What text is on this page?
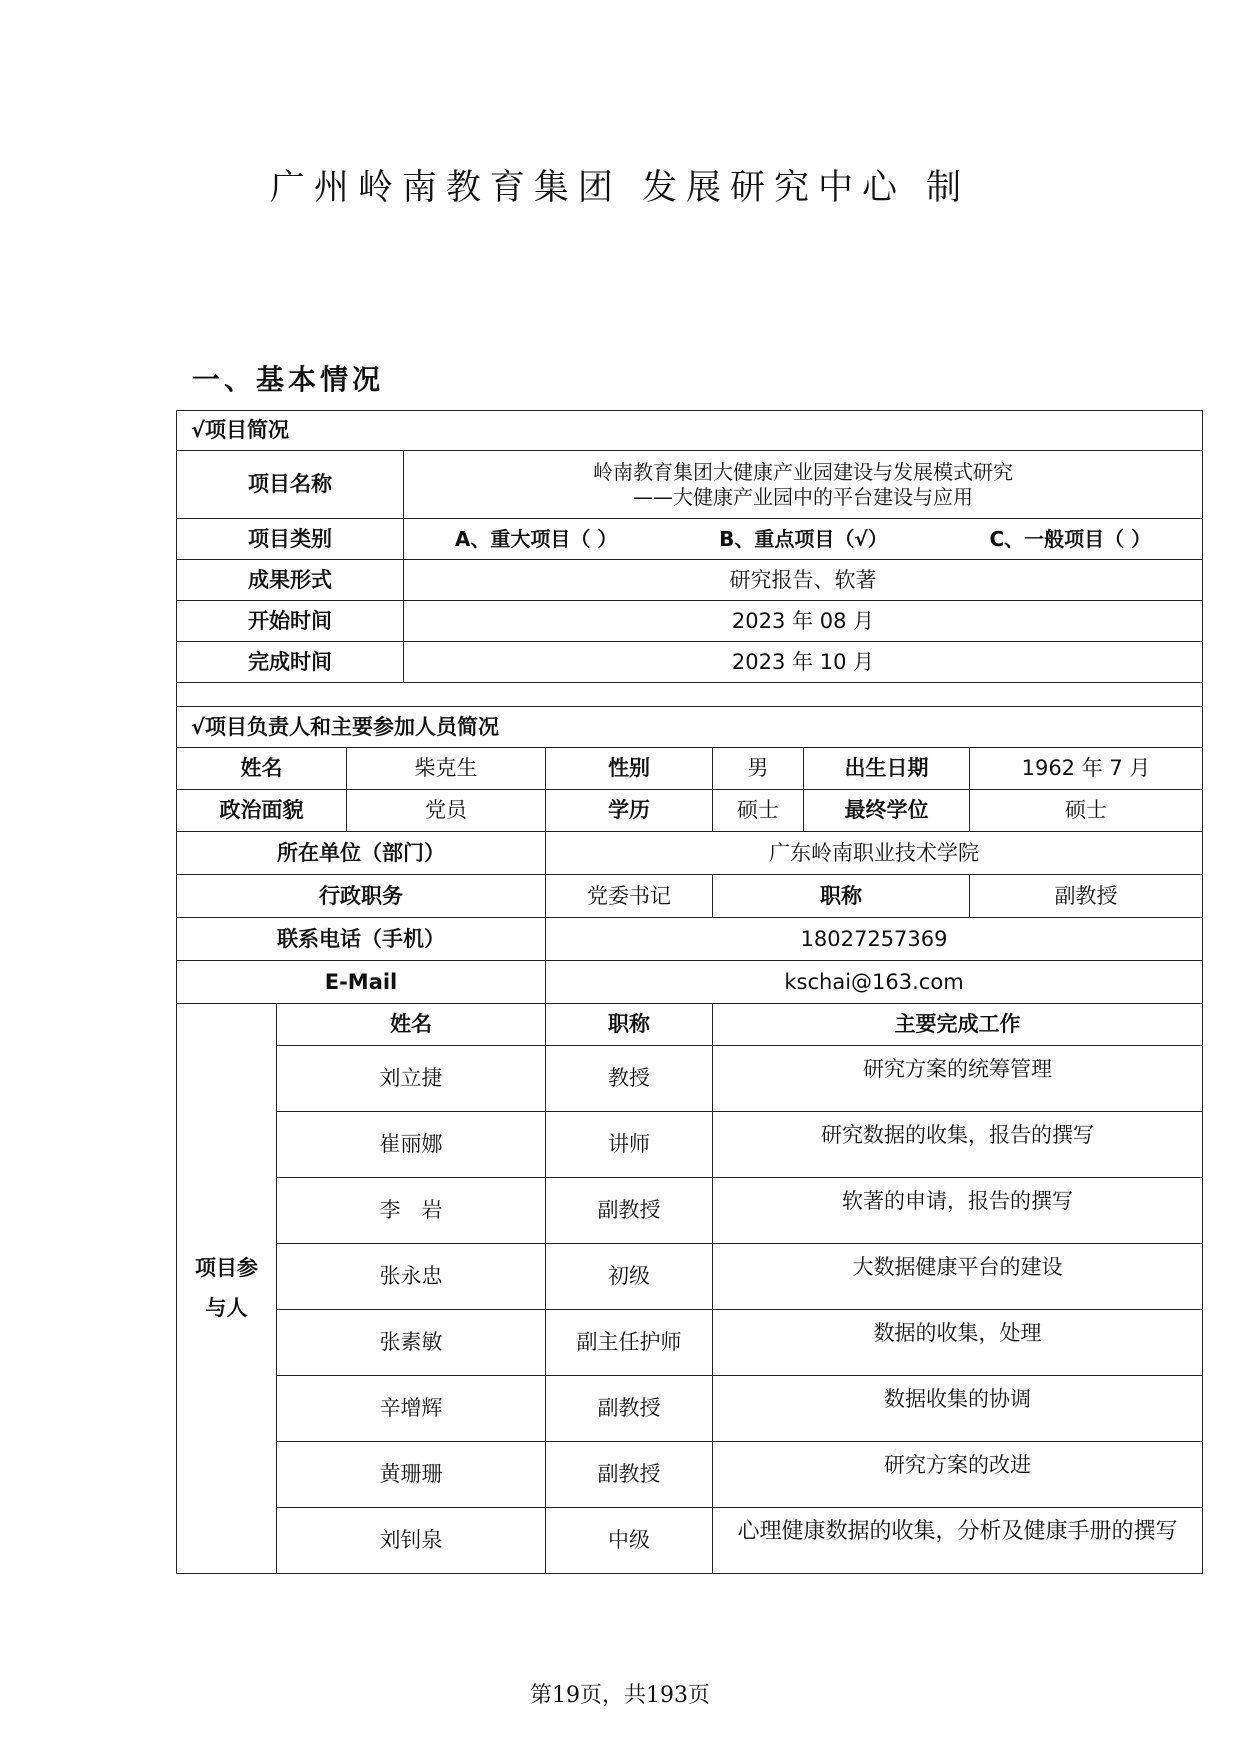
广州岭南教育集团 发展研究中心 制
一、基本情况
√项目简况							
项目名称			岭南教育集团大健康产业园建设与发展模式研究
——大健康产业园中的平台建设与应用				

项目类别			A、重大项目（ ） B、重点项目（√） C、一般项目（ ）				

成果形式			研究报告、软著				
开始时间			2023 年 08 月				
完成时间			2023 年 10 月				

√项目负责人和主要参加人员简况							
姓名		柴克生		性别	男	出生日期	1962 年 7 月
政治面貌		党员		学历	硕士	最终学位	硕士
所在单位（部门）				广东岭南职业技术学院			
行政职务				党委书记	职称		副教授
联系电话（手机）				18027257369			
E-Mail				kschai@163.com			

项目参
与人	姓名			职称	主要完成工作		
	刘立捷			教授	研究方案的统筹管理		
	崔丽娜			讲师	研究数据的收集，报告的撰写		
	李　岩			副教授	软著的申请，报告的撰写		
	张永忠			初级	大数据健康平台的建设		
	张素敏			副主任护师	数据的收集，处理		
	辛增辉			副教授	数据收集的协调		
	黄珊珊			副教授	研究方案的改进		
	刘钊泉			中级	心理健康数据的收集，分析及健康手册的撰写		
第19页，共193页
